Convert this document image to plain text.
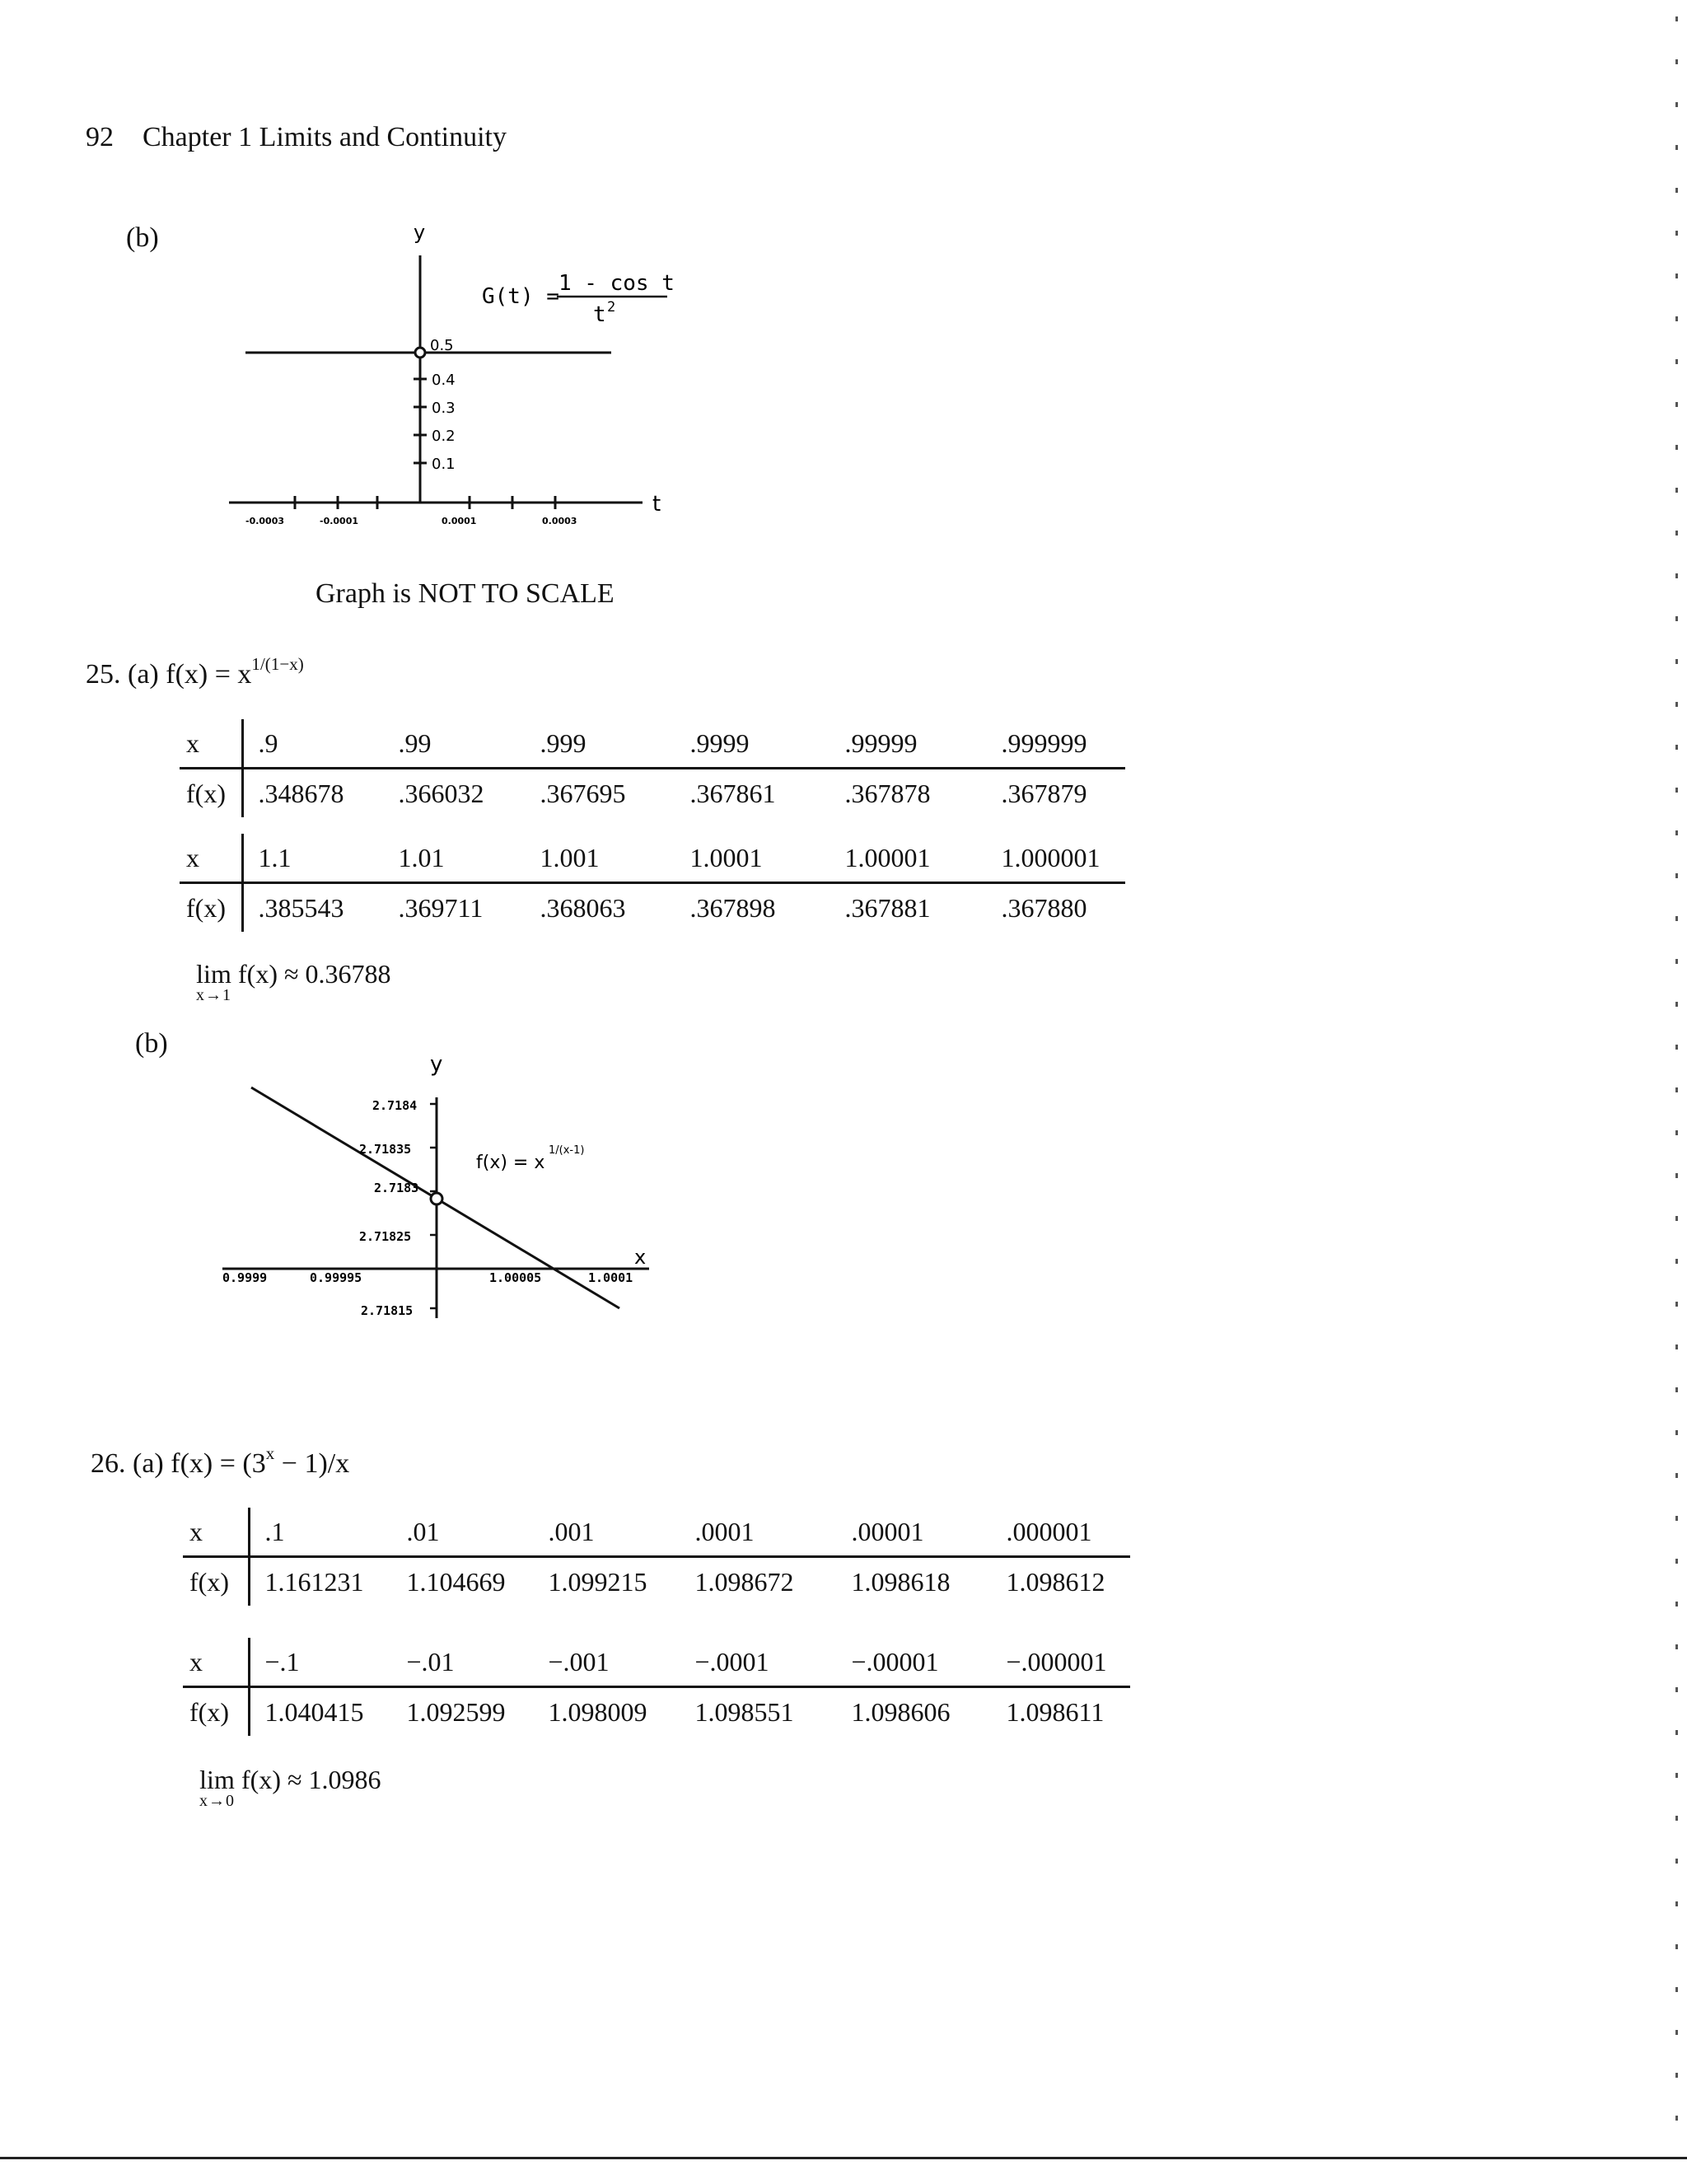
92 Chapter 1 Limits and Continuity
(b)	y
t
0.5
0.4
0.3
0.2
0.1
-0.0003	-0.0001	0.0001	0.0003
G(t) =
1 - cos t
t 2
Graph is NOT TO SCALE
25. (a) $f(x) = x^{1/(1-x)}$
x		.9	.99	.999	.9999	.99999	.999999
f(x)		.348678	.366032	.367695	.367861	.367878	.367879
x		1.1	1.01	1.001	1.0001	1.00001	1.000001
f(x)		.385543	.369711	.368063	.367898	.367881	.367880
lim
x→1
f(x) ≈ 0.36788
(b)
y
x
2.7184
2.71835
2.7183
2.71825
2.71815
0.9999	0.99995	1.00005	1.0001
f(x) = x
1/(x-1)
26. (a) $f(x) = (3^x - 1)/x$
x		.1	.01	.001	.0001	.00001	.000001
f(x)		1.161231	1.104669	1.099215	1.098672	1.098618	1.098612
x		−.1	−.01	−.001	−.0001	−.00001	−.000001
f(x)		1.040415	1.092599	1.098009	1.098551	1.098606	1.098611
lim
x→0
f(x) ≈ 1.0986
